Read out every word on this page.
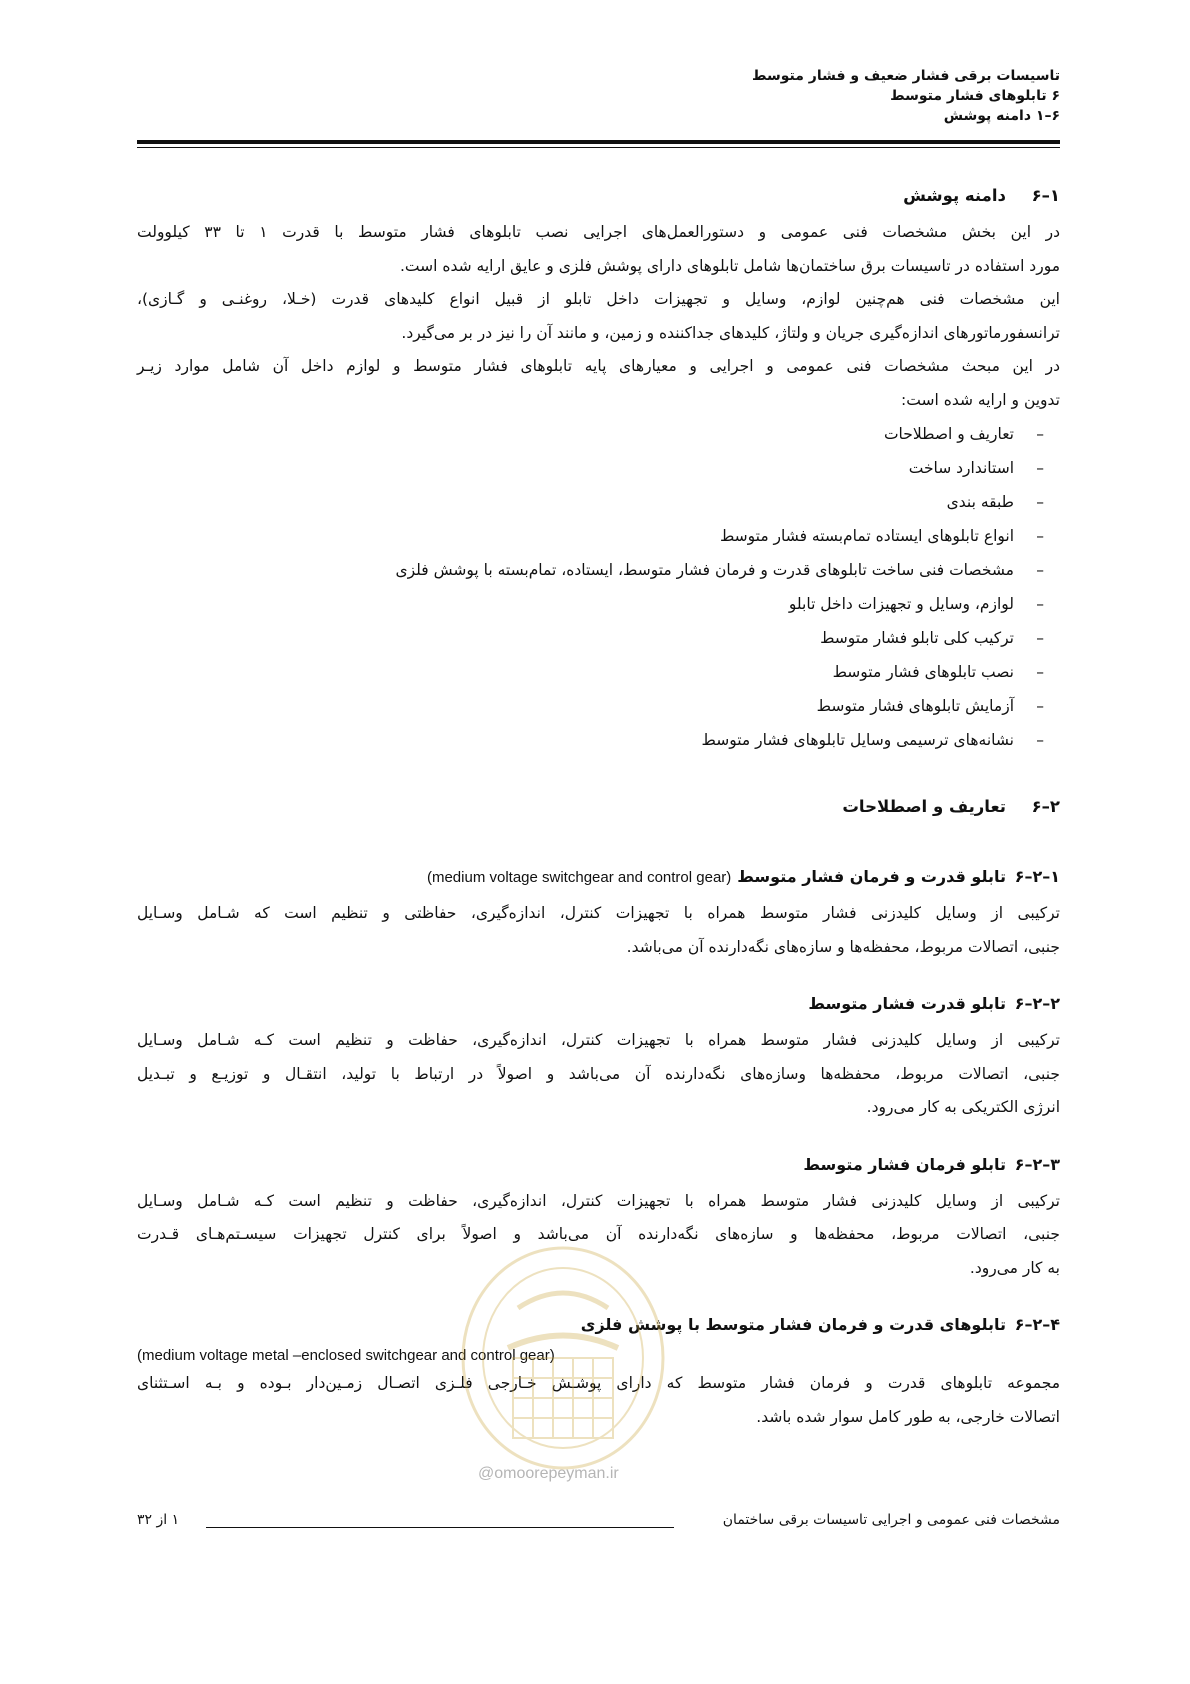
تاسیسات برقی فشار ضعیف و فشار متوسط
۶ تابلوهای فشار متوسط
۶–۱ دامنه پوشش
۶–۱
دامنه پوشش
در این بخش مشخصات فنی عمومی و دستورالعمل‌های اجرایی نصب تابلوهای فشار متوسط با قدرت ۱ تا ۳۳ کیلوولت
مورد استفاده در تاسیسات برق ساختمان‌ها شامل تابلوهای دارای پوشش فلزی و عایق ارایه شده است.
این مشخصات فنی هم‌چنین لوازم، وسایل و تجهیزات داخل تابلو از قبیل انواع کلیدهای قدرت (خـلا، روغنـی و گـازی)،
ترانسفورماتورهای اندازه‌گیری جریان و ولتاژ، کلیدهای جداکننده و زمین، و مانند آن را نیز در بر می‌گیرد.
در این مبحث مشخصات فنی عمومی و اجرایی و معیارهای پایه تابلوهای فشار متوسط و لوازم داخل آن شامل موارد زیـر
تدوین و ارایه شده است:
–
تعاریف و اصطلاحات
–
استاندارد ساخت
–
طبقه بندی
–
انواع تابلوهای ایستاده تمام‌بسته فشار متوسط
–
مشخصات فنی ساخت تابلوهای قدرت و فرمان فشار متوسط، ایستاده، تمام‌بسته با پوشش فلزی
–
لوازم، وسایل و تجهیزات داخل تابلو
–
ترکیب کلی تابلو فشار متوسط
–
نصب تابلوهای فشار متوسط
–
آزمایش تابلوهای فشار متوسط
–
نشانه‌های ترسیمی وسایل تابلوهای فشار متوسط
۶–۲
تعاریف و اصطلاحات
۶–۲–۱
تابلو قدرت و فرمان فشار متوسط
(medium voltage switchgear and control gear)
ترکیبی از وسایل کلیدزنی فشار متوسط همراه با تجهیزات کنترل، اندازه‌گیری، حفاظتی و تنظیم است که شـامل وسـایل
جنبی، اتصالات مربوط، محفظه‌ها و سازه‌های نگه‌دارنده آن می‌باشد.
۶–۲–۲
تابلو قدرت فشار متوسط
ترکیبی از وسایل کلیدزنی فشار متوسط همراه با تجهیزات کنترل، اندازه‌گیری، حفاظت و تنظیم است کـه شـامل وسـایل
جنبی، اتصالات مربوط، محفظه‌ها وسازه‌های نگه‌دارنده آن می‌باشد و اصولاً در ارتباط با تولید، انتقـال و توزیـع و تبـدیل
انرژی الکتریکی به کار می‌رود.
۶–۲–۳
تابلو فرمان فشار متوسط
ترکیبی از وسایل کلیدزنی فشار متوسط همراه با تجهیزات کنترل، اندازه‌گیری، حفاظت و تنظیم است کـه شـامل وسـایل
جنبی، اتصالات مربوط، محفظه‌ها و سازه‌های نگه‌دارنده آن می‌باشد و اصولاً برای کنترل تجهیزات سیسـتم‌هـای قـدرت
به کار می‌رود.
۶–۲–۴
تابلوهای قدرت و فرمان فشار متوسط با پوشش فلزی
(medium voltage metal –enclosed switchgear and control gear)
مجموعه تابلوهای قدرت و فرمان فشار متوسط که دارای پوشـش خـارجی فلـزی اتصـال زمـین‌دار بـوده و بـه اسـتثنای
اتصالات خارجی، به طور کامل سوار شده باشد.
@omoorepeyman.ir
مشخصات فنی عمومی و اجرایی تاسیسات برقی ساختمان
۱ از ۳۲
